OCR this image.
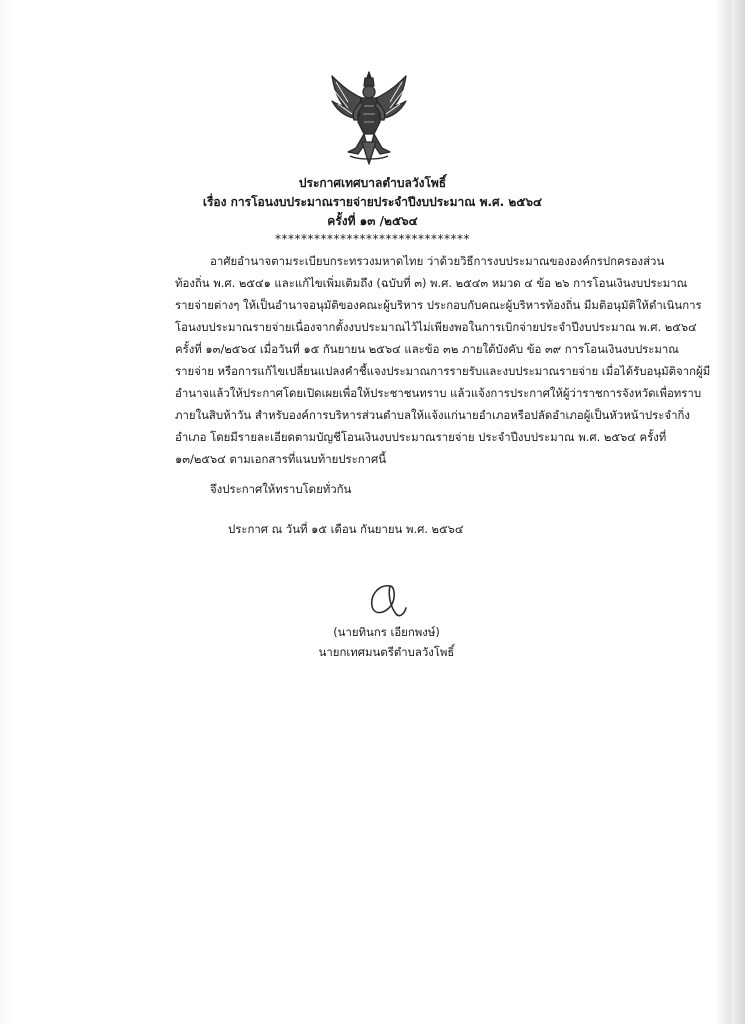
ประกาศเทศบาลตำบลวังโพธิ์
เรื่อง การโอนงบประมาณรายจ่ายประจำปีงบประมาณ พ.ศ. ๒๕๖๔
ครั้งที่ ๑๓ /๒๕๖๔
******************************
อาศัยอำนาจตามระเบียบกระทรวงมหาดไทย ว่าด้วยวิธีการงบประมาณขององค์กรปกครองส่วน
ท้องถิ่น พ.ศ. ๒๕๔๑ และแก้ไขเพิ่มเติมถึง (ฉบับที่ ๓) พ.ศ. ๒๕๔๓ หมวด ๔ ข้อ ๒๖ การโอนเงินงบประมาณ
รายจ่ายต่างๆ ให้เป็นอำนาจอนุมัติของคณะผู้บริหาร ประกอบกับคณะผู้บริหารท้องถิ่น มีมติอนุมัติให้ดำเนินการ
โอนงบประมาณรายจ่ายเนื่องจากตั้งงบประมาณไว้ไม่เพียงพอในการเบิกจ่ายประจำปีงบประมาณ พ.ศ. ๒๕๖๔
ครั้งที่ ๑๓/๒๕๖๔ เมื่อวันที่ ๑๕ กันยายน ๒๕๖๔ และข้อ ๓๒ ภายใต้บังคับ ข้อ ๓๙ การโอนเงินงบประมาณ
รายจ่าย หรือการแก้ไขเปลี่ยนแปลงคำชี้แจงประมาณการรายรับและงบประมาณรายจ่าย เมื่อได้รับอนุมัติจากผู้มี
อำนาจแล้วให้ประกาศโดยเปิดเผยเพื่อให้ประชาชนทราบ แล้วแจ้งการประกาศให้ผู้ว่าราชการจังหวัดเพื่อทราบ
ภายในสิบห้าวัน สำหรับองค์การบริหารส่วนตำบลให้แจ้งแก่นายอำเภอหรือปลัดอำเภอผู้เป็นหัวหน้าประจำกิ่ง
อำเภอ โดยมีรายละเอียดตามบัญชีโอนเงินงบประมาณรายจ่าย ประจำปีงบประมาณ พ.ศ. ๒๕๖๔ ครั้งที่
๑๓/๒๕๖๔ ตามเอกสารที่แนบท้ายประกาศนี้
จึงประกาศให้ทราบโดยทั่วกัน
ประกาศ ณ วันที่ ๑๕ เดือน กันยายน พ.ศ. ๒๕๖๔
(นายทินกร เอียกพงษ์)
นายกเทศมนตรีตำบลวังโพธิ์
